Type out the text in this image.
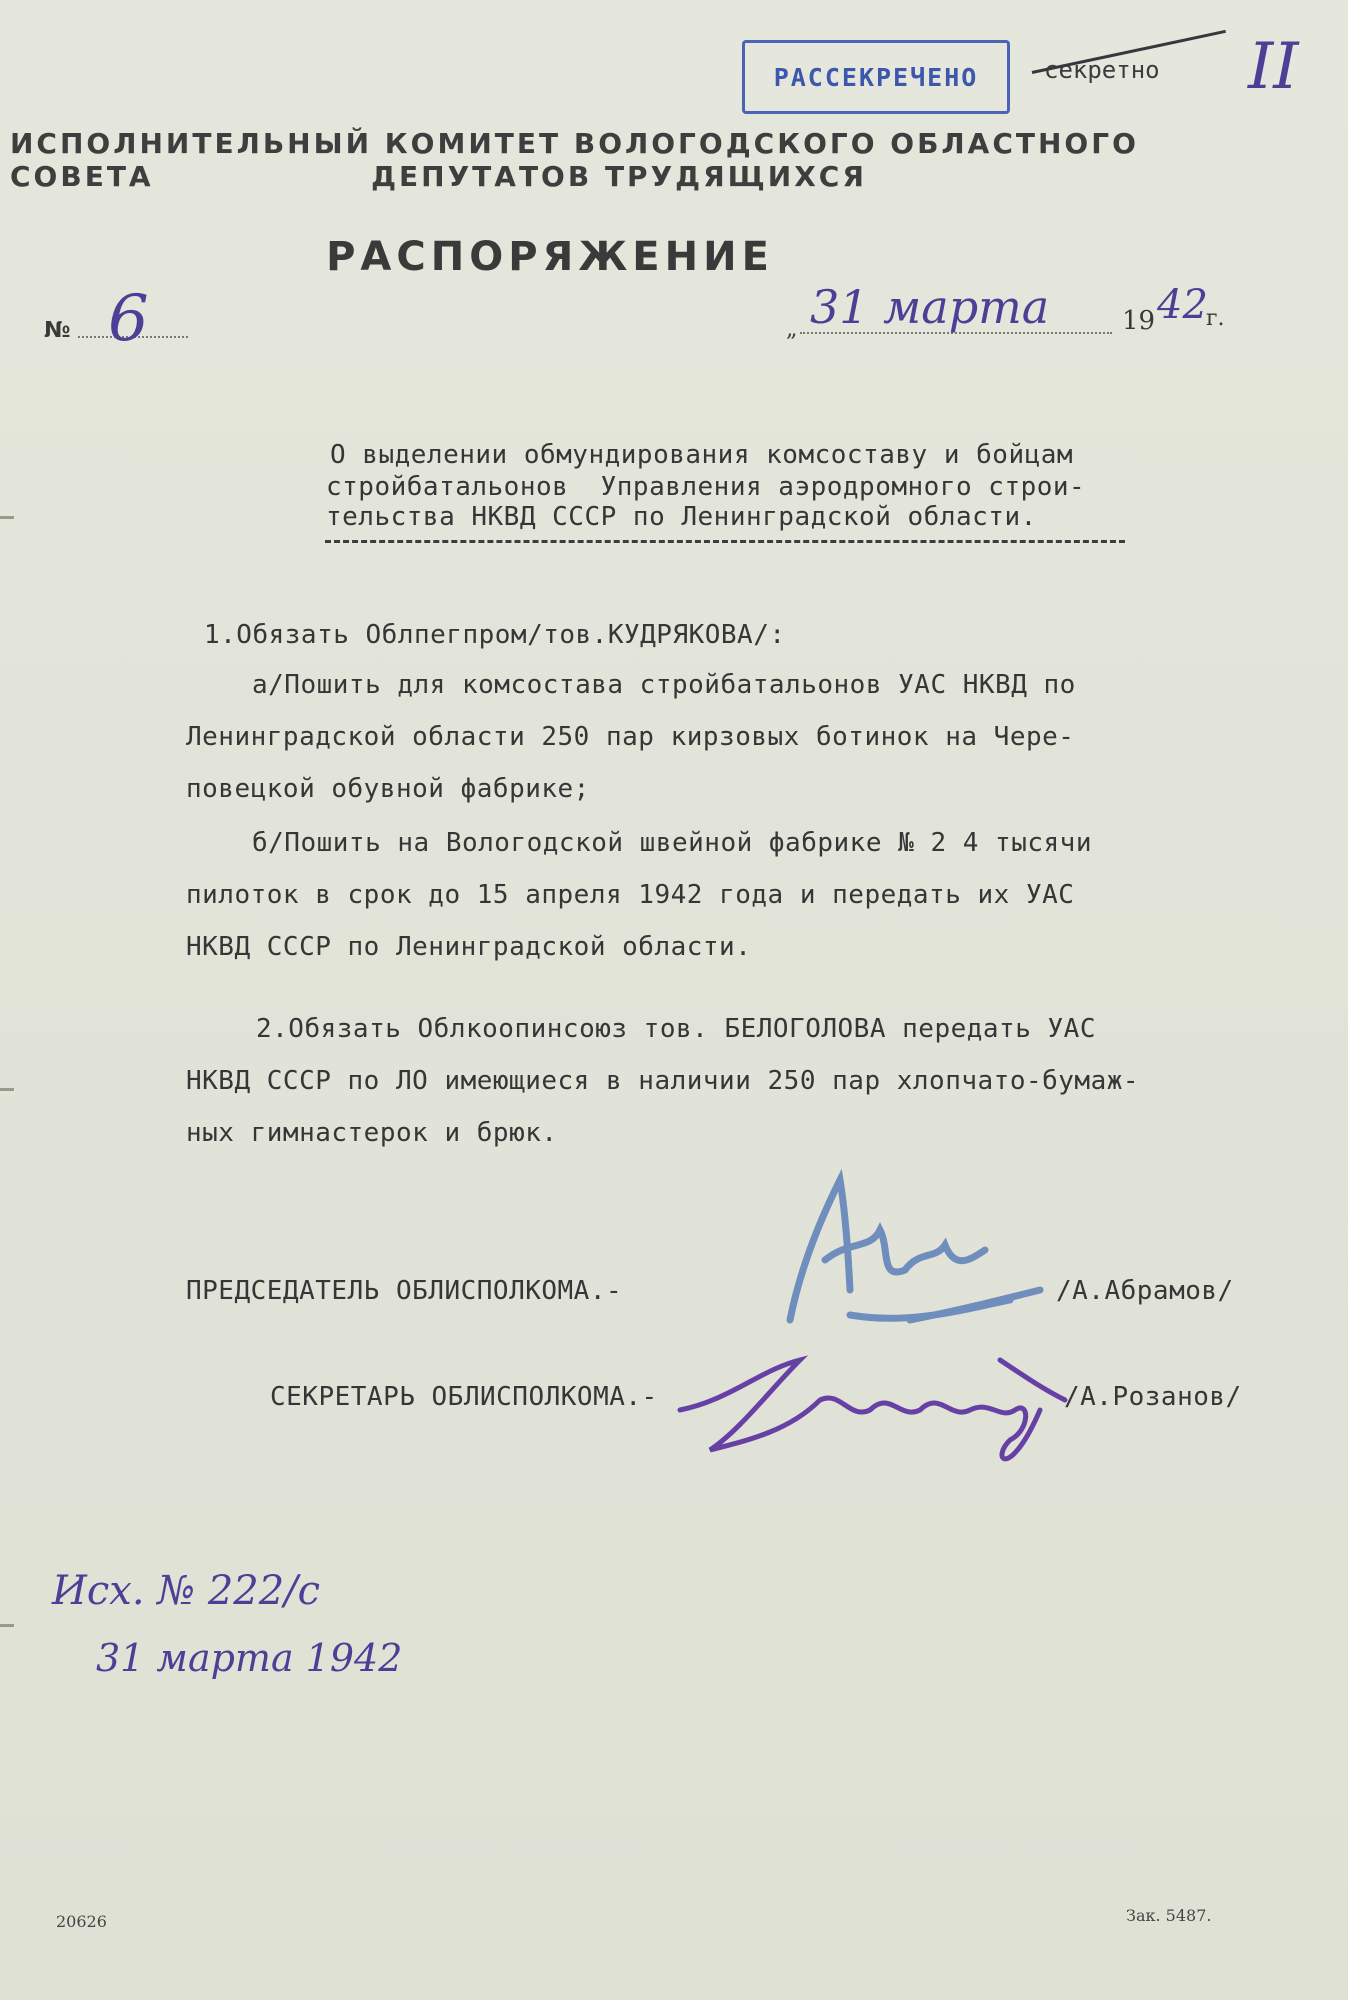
РАССЕКРЕЧЕНО	секретно II
ИСПОЛНИТЕЛЬНЫЙ КОМИТЕТ ВОЛОГОДСКОГО ОБЛАСТНОГО СОВЕТА	ДЕПУТАТОВ ТРУДЯЩИХСЯ
РАСПОРЯЖЕНИЕ
№ 6	„ 31 марта	19 42
г.
О выделении обмундирования комсоставу и бойцам
стройбатальонов  Управления аэродромного строи-
тельства НКВД СССР по Ленинградской области.
1.Обязать Облпегпром/тов.КУДРЯКОВА/:
а/Пошить для комсостава стройбатальонов УАС НКВД по
Ленинградской области 250 пар кирзовых ботинок на Чере-
повецкой обувной фабрике;
б/Пошить на Вологодской швейной фабрике № 2 4 тысячи
пилоток в срок до 15 апреля 1942 года и передать их УАС
НКВД СССР по Ленинградской области.
2.Обязать Облкоопинсоюз тов. БЕЛОГОЛОВА передать УАС
НКВД СССР по ЛО имеющиеся в наличии 250 пар хлопчато-бумаж-
ных гимнастерок и брюк.
ПРЕДСЕДАТЕЛЬ ОБЛИСПОЛКОМА.-	/А.Абрамов/
СЕКРЕТАРЬ ОБЛИСПОЛКОМА.-	/А.Розанов/
Исх. № 222/с
31 марта 1942
20626	Зак. 5487.
